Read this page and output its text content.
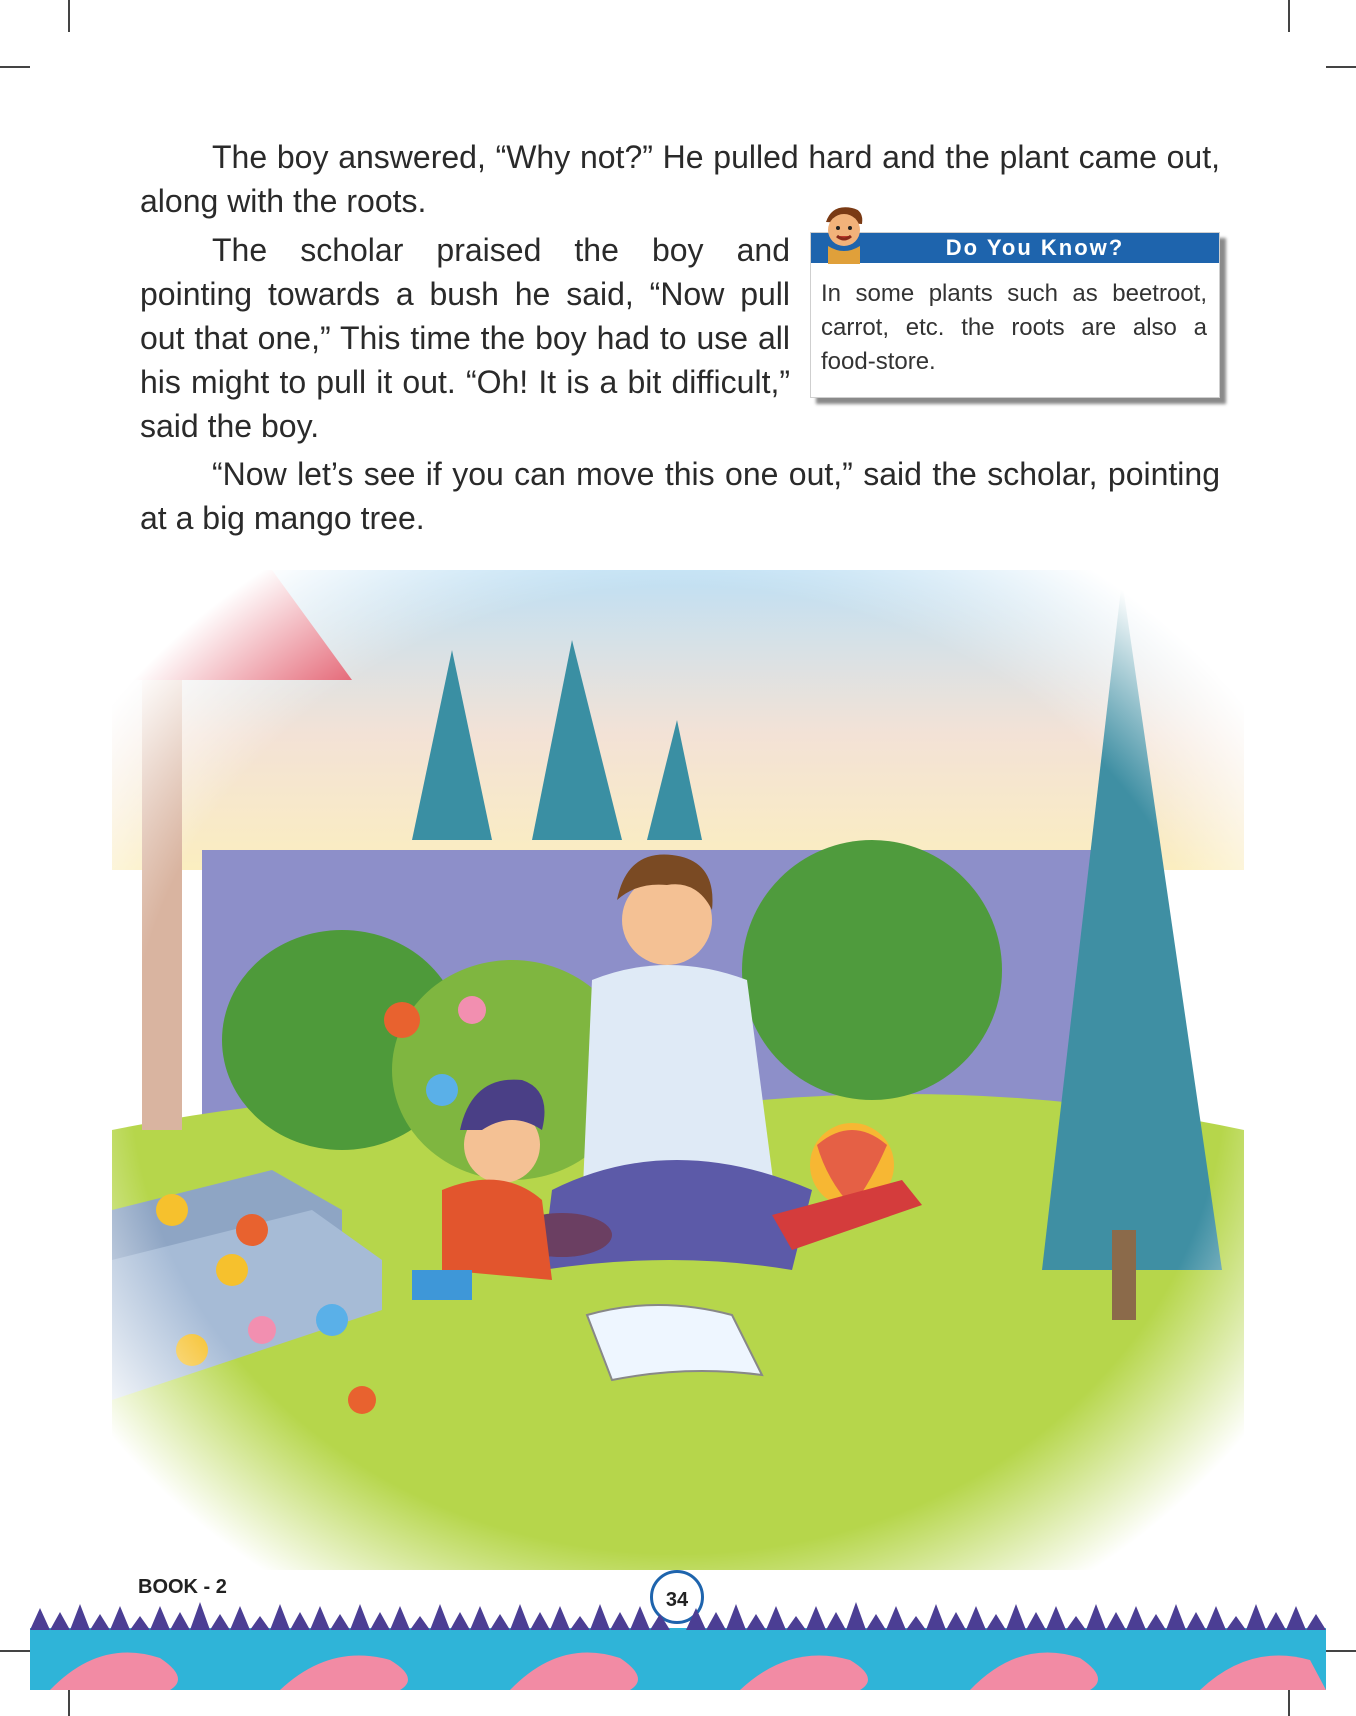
The boy answered, “Why not?” He pulled hard and the plant came out, along with the roots.

The scholar praised the boy and pointing towards a bush he said, “Now pull out that one,” This time the boy had to use all his might to pull it out. “Oh! It is a bit difficult,” said the boy.

“Now let’s see if you can move this one out,” said the scholar, pointing at a big mango tree.

Do You Know?
In some plants such as beetroot, carrot, etc. the roots are also a food-store.
BOOK - 2
34
